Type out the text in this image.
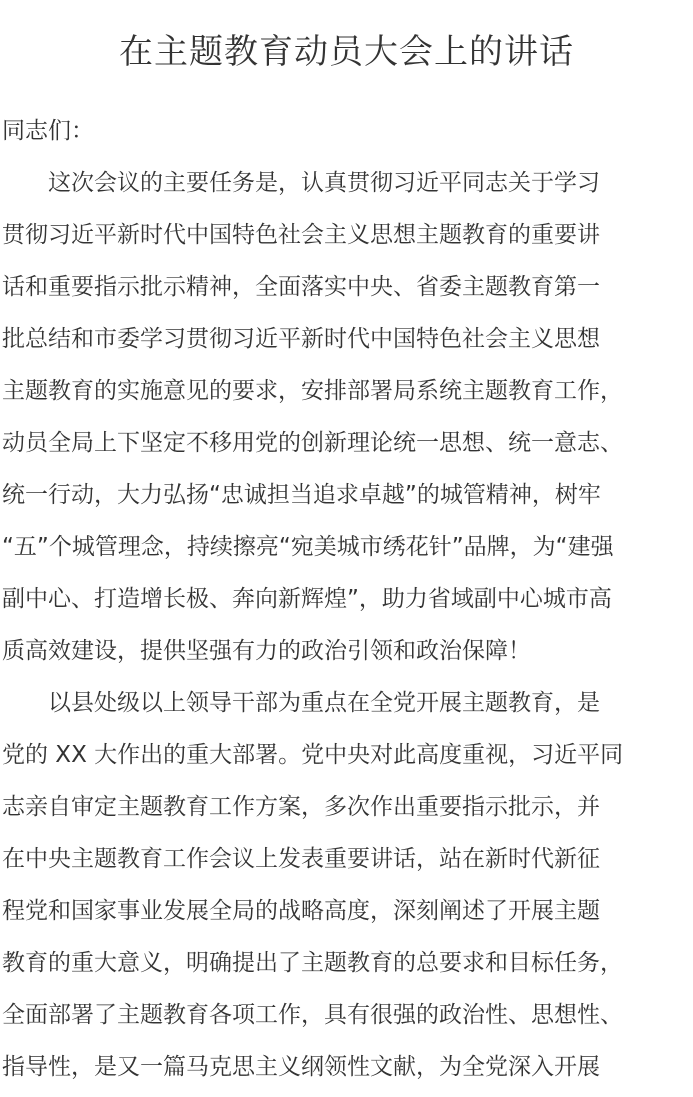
在主题教育动员大会上的讲话
同志们：
　　这次会议的主要任务是，认真贯彻习近平同志关于学习
贯彻习近平新时代中国特色社会主义思想主题教育的重要讲
话和重要指示批示精神，全面落实中央、省委主题教育第一
批总结和市委学习贯彻习近平新时代中国特色社会主义思想
主题教育的实施意见的要求，安排部署局系统主题教育工作，
动员全局上下坚定不移用党的创新理论统一思想、统一意志、
统一行动，大力弘扬“忠诚担当追求卓越”的城管精神，树牢
“五”个城管理念，持续擦亮“宛美城市绣花针”品牌，为“建强
副中心、打造增长极、奔向新辉煌”，助力省域副中心城市高
质高效建设，提供坚强有力的政治引领和政治保障！
　　以县处级以上领导干部为重点在全党开展主题教育，是
党的 XX 大作出的重大部署。党中央对此高度重视，习近平同
志亲自审定主题教育工作方案，多次作出重要指示批示，并
在中央主题教育工作会议上发表重要讲话，站在新时代新征
程党和国家事业发展全局的战略高度，深刻阐述了开展主题
教育的重大意义，明确提出了主题教育的总要求和目标任务，
全面部署了主题教育各项工作，具有很强的政治性、思想性、
指导性，是又一篇马克思主义纲领性文献，为全党深入开展
